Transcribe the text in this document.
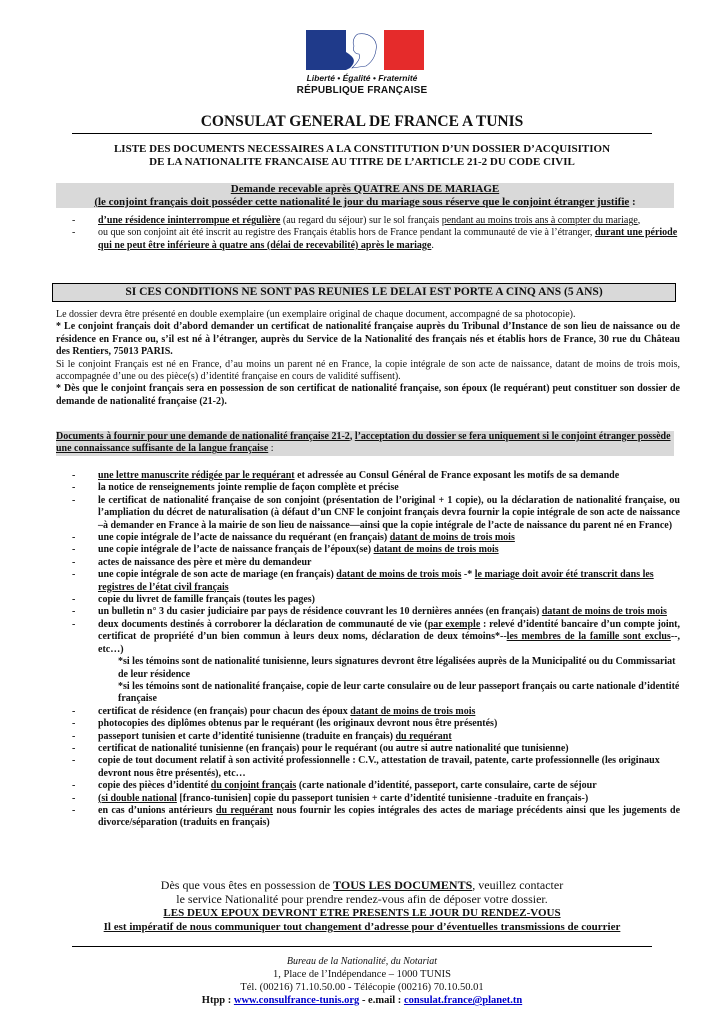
Liberté • Égalité • Fraternité
RÉPUBLIQUE FRANÇAISE
CONSULAT GENERAL DE FRANCE A TUNIS
LISTE DES DOCUMENTS NECESSAIRES A LA CONSTITUTION D’UN DOSSIER D’ACQUISITION
DE LA NATIONALITE FRANCAISE AU TITRE DE L’ARTICLE 21-2 DU CODE CIVIL
Demande recevable après QUATRE ANS DE MARIAGE
(le conjoint français doit posséder cette nationalité le jour du mariage sous réserve que le conjoint étranger justifie :
- d’une résidence ininterrompue et régulière (au regard du séjour) sur le sol français pendant au moins trois ans à compter du mariage,
- ou que son conjoint ait été inscrit au registre des Français établis hors de France pendant la communauté de vie à l’étranger, durant une période qui ne peut être inférieure à quatre ans (délai de recevabilité) après le mariage.
SI CES CONDITIONS NE SONT PAS REUNIES LE DELAI EST PORTE A CINQ ANS (5 ANS)

Le dossier devra être présenté en double exemplaire (un exemplaire original de chaque document, accompagné de sa photocopie).

* Le conjoint français doit d’abord demander un certificat de nationalité française auprès du Tribunal d’Instance de son lieu de naissance ou de résidence en France ou, s’il est né à l’étranger, auprès du Service de la Nationalité des français nés et établis hors de France, 30 rue du Château des Rentiers, 75013 PARIS.

Si le conjoint Français est né en France, d’au moins un parent né en France, la copie intégrale de son acte de naissance, datant de moins de trois mois, accompagnée d’une ou des pièce(s) d’identité française en cours de validité suffisent).

* Dès que le conjoint français sera en possession de son certificat de nationalité française, son époux (le requérant) peut constituer son dossier de demande de nationalité française (21-2).

Documents à fournir pour une demande de nationalité française 21-2, l’acceptation du dossier se fera uniquement si le conjoint étranger possède une connaissance suffisante de la langue française :
- une lettre manuscrite rédigée par le requérant et adressée au Consul Général de France exposant les motifs de sa demande
- la notice de renseignements jointe remplie de façon complète et précise
- le certificat de nationalité française de son conjoint (présentation de l’original + 1 copie), ou la déclaration de nationalité française, ou l’ampliation du décret de naturalisation (à défaut d’un CNF le conjoint français devra fournir la copie intégrale de son acte de naissance –à demander en France à la mairie de son lieu de naissance—ainsi que la copie intégrale de l’acte de naissance du parent né en France)
- une copie intégrale de l’acte de naissance du requérant (en français) datant de moins de trois mois
- une copie intégrale de l’acte de naissance français de l’époux(se) datant de moins de trois mois
- actes de naissance des père et mère du demandeur
- une copie intégrale de son acte de mariage (en français) datant de moins de trois mois -* le mariage doit avoir été transcrit dans les registres de l’état civil français
- copie du livret de famille français (toutes les pages)
- un bulletin n° 3 du casier judiciaire par pays de résidence couvrant les 10 dernières années (en français) datant de moins de trois mois
- deux documents destinés à corroborer la déclaration de communauté de vie (par exemple : relevé d’identité bancaire d’un compte joint, certificat de propriété d’un bien commun à leurs deux noms, déclaration de deux témoins*--les membres de la famille sont exclus--, etc…)
*si les témoins sont de nationalité tunisienne, leurs signatures devront être légalisées auprès de la Municipalité ou du Commissariat de leur résidence
*si les témoins sont de nationalité française, copie de leur carte consulaire ou de leur passeport français ou carte nationale d’identité française
- certificat de résidence (en français) pour chacun des époux datant de moins de trois mois
- photocopies des diplômes obtenus par le requérant (les originaux devront nous être présentés)
- passeport tunisien et carte d’identité tunisienne (traduite en français) du requérant
- certificat de nationalité tunisienne (en français) pour le requérant (ou autre si autre nationalité que tunisienne)
- copie de tout document relatif à son activité professionnelle : C.V., attestation de travail, patente, carte professionnelle (les originaux devront nous être présentés), etc…
- copie des pièces d’identité du conjoint français (carte nationale d’identité, passeport, carte consulaire, carte de séjour
- (si double national [franco-tunisien] copie du passeport tunisien + carte d’identité tunisienne -traduite en français-)
- en cas d’unions antérieurs du requérant nous fournir les copies intégrales des actes de mariage précédents ainsi que les jugements de divorce/séparation (traduits en français)
Dès que vous êtes en possession de TOUS LES DOCUMENTS, veuillez contacter
le service Nationalité pour prendre rendez-vous afin de déposer votre dossier.
LES DEUX EPOUX DEVRONT ETRE PRESENTS LE JOUR DU RENDEZ-VOUS
Il est impératif de nous communiquer tout changement d’adresse pour d’éventuelles transmissions de courrier
Bureau de la Nationalité, du Notariat
1, Place de l’Indépendance – 1000 TUNIS
Tél. (00216) 71.10.50.00 - Télécopie (00216) 70.10.50.01
Htpp : www.consulfrance-tunis.org - e.mail : consulat.france@planet.tn
